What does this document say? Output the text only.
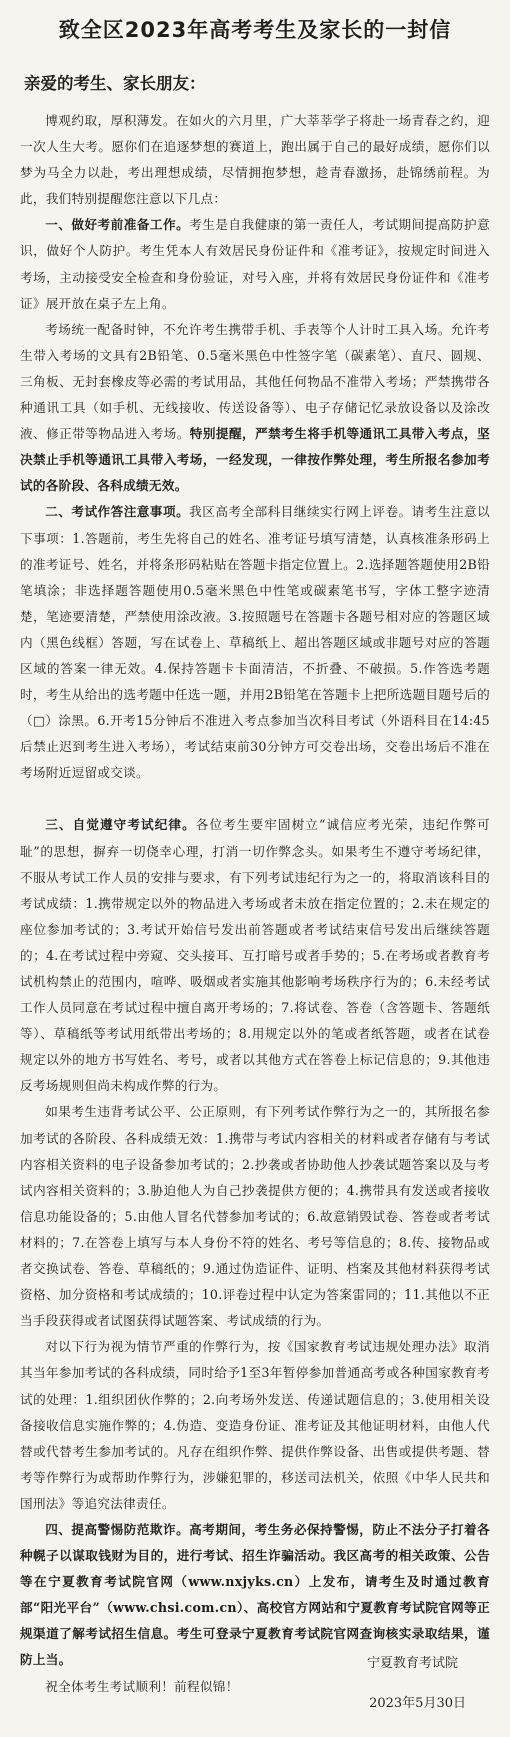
致全区2023年高考考生及家长的一封信
亲爱的考生、家长朋友：

博观约取，厚积薄发。在如火的六月里，广大莘莘学子将赴一场青春之约，迎一次人生大考。愿你们在追逐梦想的赛道上，跑出属于自己的最好成绩，愿你们以梦为马全力以赴，考出理想成绩，尽情拥抱梦想，趁青春激扬，赴锦绣前程。为此，我们特别提醒您注意以下几点：

一、做好考前准备工作。考生是自我健康的第一责任人，考试期间提高防护意识，做好个人防护。考生凭本人有效居民身份证件和《准考证》，按规定时间进入考场，主动接受安全检查和身份验证，对号入座，并将有效居民身份证件和《准考证》展开放在桌子左上角。

考场统一配备时钟，不允许考生携带手机、手表等个人计时工具入场。允许考生带入考场的文具有2B铅笔、0.5毫米黑色中性签字笔（碳素笔）、直尺、圆规、三角板、无封套橡皮等必需的考试用品，其他任何物品不准带入考场；严禁携带各种通讯工具（如手机、无线接收、传送设备等）、电子存储记忆录放设备以及涂改液、修正带等物品进入考场。特别提醒，严禁考生将手机等通讯工具带入考点，坚决禁止手机等通讯工具带入考场，一经发现，一律按作弊处理，考生所报名参加考试的各阶段、各科成绩无效。

二、考试作答注意事项。我区高考全部科目继续实行网上评卷。请考生注意以下事项：1.答题前，考生先将自己的姓名、准考证号填写清楚，认真核准条形码上的准考证号、姓名，并将条形码粘贴在答题卡指定位置上。2.选择题答题使用2B铅笔填涂；非选择题答题使用0.5毫米黑色中性笔或碳素笔书写，字体工整字迹清楚，笔迹要清楚，严禁使用涂改液。3.按照题号在答题卡各题号相对应的答题区域内（黑色线框）答题，写在试卷上、草稿纸上、超出答题区域或非题号对应的答题区域的答案一律无效。4.保持答题卡卡面清洁，不折叠、不破损。5.作答选考题时，考生从给出的选考题中任选一题，并用2B铅笔在答题卡上把所选题目题号后的（□）涂黑。6.开考15分钟后不准进入考点参加当次科目考试（外语科目在14:45后禁止迟到考生进入考场），考试结束前30分钟方可交卷出场，交卷出场后不准在考场附近逗留或交谈。

三、自觉遵守考试纪律。各位考生要牢固树立“诚信应考光荣，违纪作弊可耻”的思想，摒弃一切侥幸心理，打消一切作弊念头。如果考生不遵守考场纪律，不服从考试工作人员的安排与要求，有下列考试违纪行为之一的，将取消该科目的考试成绩：1.携带规定以外的物品进入考场或者未放在指定位置的；2.未在规定的座位参加考试的；3.考试开始信号发出前答题或者考试结束信号发出后继续答题的；4.在考试过程中旁窥、交头接耳、互打暗号或者手势的；5.在考场或者教育考试机构禁止的范围内，喧哗、吸烟或者实施其他影响考场秩序行为的；6.未经考试工作人员同意在考试过程中擅自离开考场的；7.将试卷、答卷（含答题卡、答题纸等）、草稿纸等考试用纸带出考场的；8.用规定以外的笔或者纸答题，或者在试卷规定以外的地方书写姓名、考号，或者以其他方式在答卷上标记信息的；9.其他违反考场规则但尚未构成作弊的行为。

如果考生违背考试公平、公正原则，有下列考试作弊行为之一的，其所报名参加考试的各阶段、各科成绩无效：1.携带与考试内容相关的材料或者存储有与考试内容相关资料的电子设备参加考试的；2.抄袭或者协助他人抄袭试题答案以及与考试内容相关资料的；3.胁迫他人为自己抄袭提供方便的；4.携带具有发送或者接收信息功能设备的；5.由他人冒名代替参加考试的；6.故意销毁试卷、答卷或者考试材料的；7.在答卷上填写与本人身份不符的姓名、考号等信息的；8.传、接物品或者交换试卷、答卷、草稿纸的；9.通过伪造证件、证明、档案及其他材料获得考试资格、加分资格和考试成绩的；10.评卷过程中认定为答案雷同的；11.其他以不正当手段获得或者试图获得试题答案、考试成绩的行为。

对以下行为视为情节严重的作弊行为，按《国家教育考试违规处理办法》取消其当年参加考试的各科成绩，同时给予1至3年暂停参加普通高考或各种国家教育考试的处理：1.组织团伙作弊的；2.向考场外发送、传递试题信息的；3.使用相关设备接收信息实施作弊的；4.伪造、变造身份证、准考证及其他证明材料，由他人代替或代替考生参加考试的。凡存在组织作弊、提供作弊设备、出售或提供考题、替考等作弊行为或帮助作弊行为，涉嫌犯罪的，移送司法机关，依照《中华人民共和国刑法》等追究法律责任。

四、提高警惕防范欺诈。高考期间，考生务必保持警惕，防止不法分子打着各种幌子以谋取钱财为目的，进行考试、招生诈骗活动。我区高考的相关政策、公告等在宁夏教育考试院官网（www.nxjyks.cn）上发布，请考生及时通过教育部“阳光平台”（www.chsi.com.cn）、高校官方网站和宁夏教育考试院官网等正规渠道了解考试招生信息。考生可登录宁夏教育考试院官网查询核实录取结果，谨防上当。

祝全体考生考试顺利！前程似锦！

宁夏教育考试院
2023年5月30日
